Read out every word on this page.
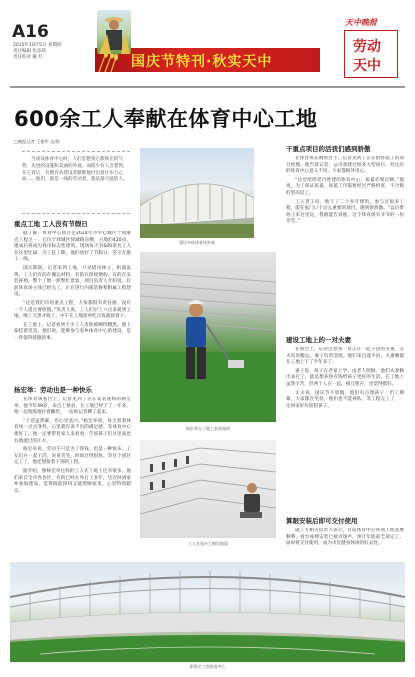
A16
2015年10月5日 星期四
责任编辑 张彦莉
责任校对 戴 红	国庆节特刊·秋实天中
天中晚报
劳动
天中
600余工人奉献在体育中心工地
□晚报记者 王俊华 文/图
当谈及休育中心时，人们会想到它那恢宏的气势、先进的设施和美丽的外观。而很少有人会想到，在它背后，有数百名建设者默默地付出着汗水与心血……他们，就是一线的劳动者，就是最可爱的人。
重点工地 工人没有节假日

据了解，体育中心项目是2014年市中心城区十项重点工程之一，它位于驿城区驿城路东侧，占地约420亩，建成后将成为我市标志性建筑。现场每天有600余名工人在这里忙碌，为了赶工期，他们放弃了节假日，坚守在施工一线。

国庆期间，记者来到工地，只见塔吊林立，机器轰鸣，工人们有的在搬运材料，有的在焊接钢构，有的在安装座椅，整个工地一派繁忙景象。项目负责人介绍说，目前体育场主体已经完工，正在进行内部装修和附属工程建设。

“这是我们市的重点工程，大家都很有责任感，没有一个人提出要放假。”负责人说，工人们早上六点多就到工地，晚上天黑才收工，中午在工地简单吃点饭就接着干。

在工地上，记者看到不少工人皮肤被晒得黝黑，脸上却挂着笑容。他们说，能够参与家乡体育中心的建设，是一件值得骄傲的事。

杨宏举：劳动也是一种快乐

在体育场看台上，记者见到了正在安装座椅的杨宏举。他今年48岁，来自上蔡县，在工地已经干了一年多。他一边熟练地拧着螺丝，一边和记者聊了起来。

“干活虽然累，但心里高兴。”杨宏举说，每天看着体育场一点点变样，心里就有说不出的满足感。等体育中心建好了，他一定要带着家人来看看，告诉孩子们这里面也有他流过的汗水。

杨宏举说，劳动不只是为了挣钱，也是一种快乐。工友们在一起干活，说说笑笑，时间过得很快。等这个项目完工了，他还想接着干别的工程。

据介绍，像杨宏举这样的工人在工地上还有很多，他们来自全市各县区，有的已经在外打工多年，这次回到家乡参加建设，觉得既能挣钱又能照顾家里，心里特别踏实。

建设中的体育场外观
杨宏举在工地上安装座椅
工人在看台上铺设地面
干重点项目的活我们感到骄傲

在体育场东侧看台下，记者见到了正在指挥施工的项目经理。他告诉记者，公司承建过很多大型项目，但这次的体育中心意义不同，大家都格外用心。

“这是给咱老百姓建的体育中心，质量必须过硬。”他说，为了保证质量，每道工序都要经过严格检查，不合格的坚决返工。

工人老王说，他干了二十多年建筑，参与过很多工程，能在家门口干这么重要的项目，感到很骄傲。“以后带孙子来这里玩，我就能告诉他，这个体育场有爷爷的一份功劳。”

建设工地上的一对夫妻

在看台上，记者注意到一对正在一起干活的夫妻，丈夫负责搬运，妻子负责清理。他们来自遂平县，夫妻俩都在工地上干了半年多了。

妻子说，孩子在老家上学，由老人照顾，他们夫妻俩出来打工，就是想多挣点钱给孩子更好的生活。在工地上虽然辛苦，但两个人在一起，相互照应，也觉得挺好。

丈夫说，国庆节不放假，他们有点想孩子，但工期紧，大家都在坚持，他们也不能掉队。等工程完工了，一定回家好好陪陪孩子。

算眼安装后即可交付使用

施工方相关负责人表示，目前体育中心各项工程进展顺利，看台座椅安装已接近尾声，预计年底前全部完工，届时将交付使用，成为市民健身休闲的好去处。

即将完工的体育中心
